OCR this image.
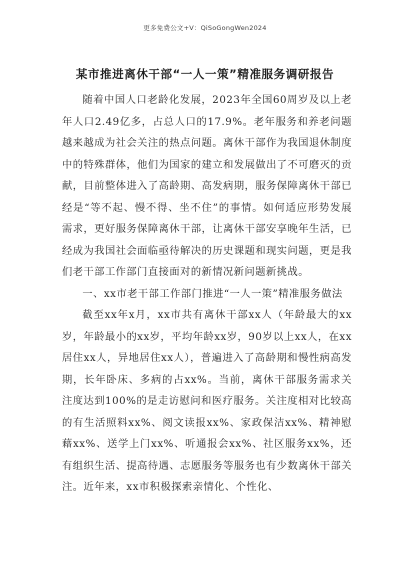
更多免费公文+V：QiSoGongWen2024
某市推进离休干部“一人一策”精准服务调研报告

随着中国人口老龄化发展，2023年全国60周岁及以上老年人口2.49亿多，占总人口的17.9%。老年服务和养老问题越来越成为社会关注的热点问题。离休干部作为我国退休制度中的特殊群体，他们为国家的建立和发展做出了不可磨灭的贡献，目前整体进入了高龄期、高发病期，服务保障离休干部已经是“等不起、慢不得、坐不住”的事情。如何适应形势发展需求，更好服务保障离休干部，让离休干部安享晚年生活，已经成为我国社会面临亟待解决的历史课题和现实问题，更是我们老干部工作部门直接面对的新情况新问题新挑战。

一、xx市老干部工作部门推进“一人一策”精准服务做法

截至xx年x月，xx市共有离休干部xx人（年龄最大的xx岁，年龄最小的xx岁，平均年龄xx岁，90岁以上xx人，在xx居住xx人，异地居住xx人），普遍进入了高龄期和慢性病高发期，长年卧床、多病的占xx%。当前，离休干部服务需求关注度达到100%的是走访慰问和医疗服务。关注度相对比较高的有生活照料xx%、阅文读报xx%、家政保洁xx%、精神慰藉xx%、送学上门xx%、听通报会xx%、社区服务xx%，还有组织生活、提高待遇、志愿服务等服务也有少数离休干部关注。近年来，xx市积极探索亲情化、个性化、
